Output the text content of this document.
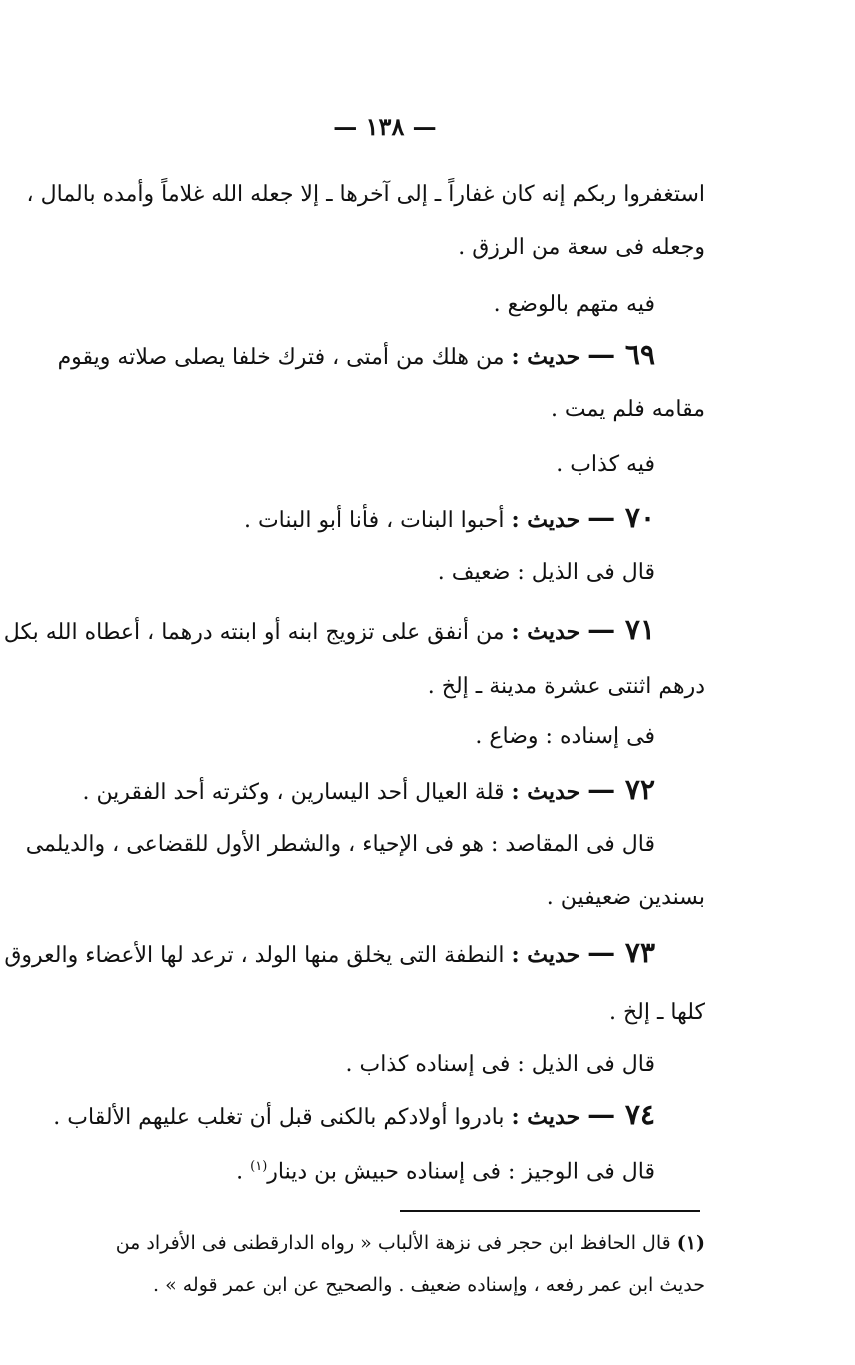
— ١٣٨ —
استغفروا ربكم إنه كان غفاراً ـ إلى آخرها ـ إلا جعله الله غلاماً وأمده بالمال ،
وجعله فى سعة من الرزق .
فيه متهم بالوضع .
٦٩ — حديث : من هلك من أمتى ، فترك خلفا يصلى صلاته ويقوم
مقامه فلم يمت .
فيه كذاب .
٧٠ — حديث : أحبوا البنات ، فأنا أبو البنات .
قال فى الذيل : ضعيف .
٧١ — حديث : من أنفق على تزويج ابنه أو ابنته درهما ، أعطاه الله بكل
درهم اثنتى عشرة مدينة ـ إلخ .
فى إسناده : وضاع .
٧٢ — حديث : قلة العيال أحد اليسارين ، وكثرته أحد الفقرين .
قال فى المقاصد : هو فى الإحياء ، والشطر الأول للقضاعى ، والديلمى
بسندين ضعيفين .
٧٣ — حديث : النطفة التى يخلق منها الولد ، ترعد لها الأعضاء والعروق
كلها ـ إلخ .
قال فى الذيل : فى إسناده كذاب .
٧٤ — حديث : بادروا أولادكم بالكنى قبل أن تغلب عليهم الألقاب .
قال فى الوجيز : فى إسناده حبيش بن دينار$^{(١)}$ .
(١) قال الحافظ ابن حجر فى نزهة الألباب « رواه الدارقطنى فى الأفراد من
حديث ابن عمر رفعه ، وإسناده ضعيف . والصحيح عن ابن عمر قوله » .
